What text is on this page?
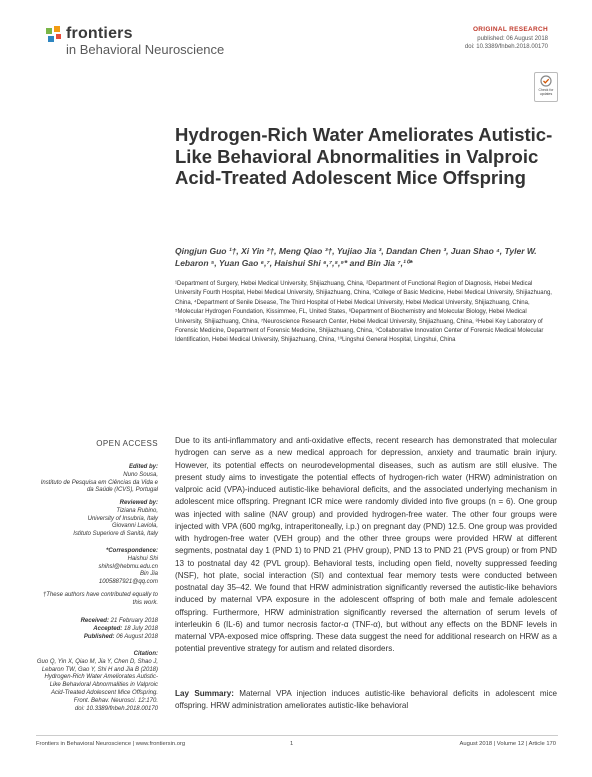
frontiers
in Behavioral Neuroscience
ORIGINAL RESEARCH
published: 06 August 2018
doi: 10.3389/fnbeh.2018.00170
Check for updates
Hydrogen-Rich Water Ameliorates Autistic-Like Behavioral Abnormalities in Valproic Acid-Treated Adolescent Mice Offspring
Qingjun Guo ¹†, Xi Yin ²†, Meng Qiao ³†, Yujiao Jia ³, Dandan Chen ³, Juan Shao ⁴, Tyler W. Lebaron ⁵, Yuan Gao ⁶,⁷, Haishui Shi ⁶,⁷,⁸,⁹* and Bin Jia ⁷,¹⁰*
¹Department of Surgery, Hebei Medical University, Shijiazhuang, China, ²Department of Functional Region of Diagnosis, Hebei Medical University Fourth Hospital, Hebei Medical University, Shijiazhuang, China, ³College of Basic Medicine, Hebei Medical University, Shijiazhuang, China, ⁴Department of Senile Disease, The Third Hospital of Hebei Medical University, Hebei Medical University, Shijiazhuang, China, ⁵Molecular Hydrogen Foundation, Kissimmee, FL, United States, ⁶Department of Biochemistry and Molecular Biology, Hebei Medical University, Shijiazhuang, China, ⁷Neuroscience Research Center, Hebei Medical University, Shijiazhuang, China, ⁸Hebei Key Laboratory of Forensic Medicine, Department of Forensic Medicine, Shijiazhuang, China, ⁹Collaborative Innovation Center of Forensic Medical Molecular Identification, Hebei Medical University, Shijiazhuang, China, ¹⁰Lingshui General Hospital, Lingshui, China
OPEN ACCESS
Edited by:
Nuno Sousa,
Instituto de Pesquisa em Ciências da Vida e da Saúde (ICVS), Portugal
Reviewed by:
Tiziana Rubino,
University of Insubria, Italy
Giovanni Laviola,
Istituto Superiore di Sanità, Italy
*Correspondence:
Haishui Shi
shihsl@hebmu.edu.cn
Bin Jia
1005887921@qq.com
†These authors have contributed equally to this work.
Received: 21 February 2018
Accepted: 18 July 2018
Published: 06 August 2018
Citation:
Guo Q, Yin X, Qiao M, Jia Y, Chen D, Shao J, Lebaron TW, Gao Y, Shi H and Jia B (2018) Hydrogen-Rich Water Ameliorates Autistic-Like Behavioral Abnormalities in Valproic Acid-Treated Adolescent Mice Offspring.
Front. Behav. Neurosci. 12:170.
doi: 10.3389/fnbeh.2018.00170
Due to its anti-inflammatory and anti-oxidative effects, recent research has demonstrated that molecular hydrogen can serve as a new medical approach for depression, anxiety and traumatic brain injury. However, its potential effects on neurodevelopmental diseases, such as autism are still elusive. The present study aims to investigate the potential effects of hydrogen-rich water (HRW) administration on valproic acid (VPA)-induced autistic-like behavioral deficits, and the associated underlying mechanism in adolescent mice offspring. Pregnant ICR mice were randomly divided into five groups (n = 6). One group was injected with saline (NAV group) and provided hydrogen-free water. The other four groups were injected with VPA (600 mg/kg, intraperitoneally, i.p.) on pregnant day (PND) 12.5. One group was provided with hydrogen-free water (VEH group) and the other three groups were provided HRW at different segments, postnatal day 1 (PND 1) to PND 21 (PHV group), PND 13 to PND 21 (PVS group) or from PND 13 to postnatal day 42 (PVL group). Behavioral tests, including open field, novelty suppressed feeding (NSF), hot plate, social interaction (SI) and contextual fear memory tests were conducted between postnatal day 35–42. We found that HRW administration significantly reversed the autistic-like behaviors induced by maternal VPA exposure in the adolescent offspring of both male and female adolescent offspring. Furthermore, HRW administration significantly reversed the alternation of serum levels of interleukin 6 (IL-6) and tumor necrosis factor-α (TNF-α), but without any effects on the BDNF levels in maternal VPA-exposed mice offspring. These data suggest the need for additional research on HRW as a potential preventive strategy for autism and related disorders.
Lay Summary: Maternal VPA injection induces autistic-like behavioral deficits in adolescent mice offspring. HRW administration ameliorates autistic-like behavioral
Frontiers in Behavioral Neuroscience | www.frontiersin.org	1	August 2018 | Volume 12 | Article 170
